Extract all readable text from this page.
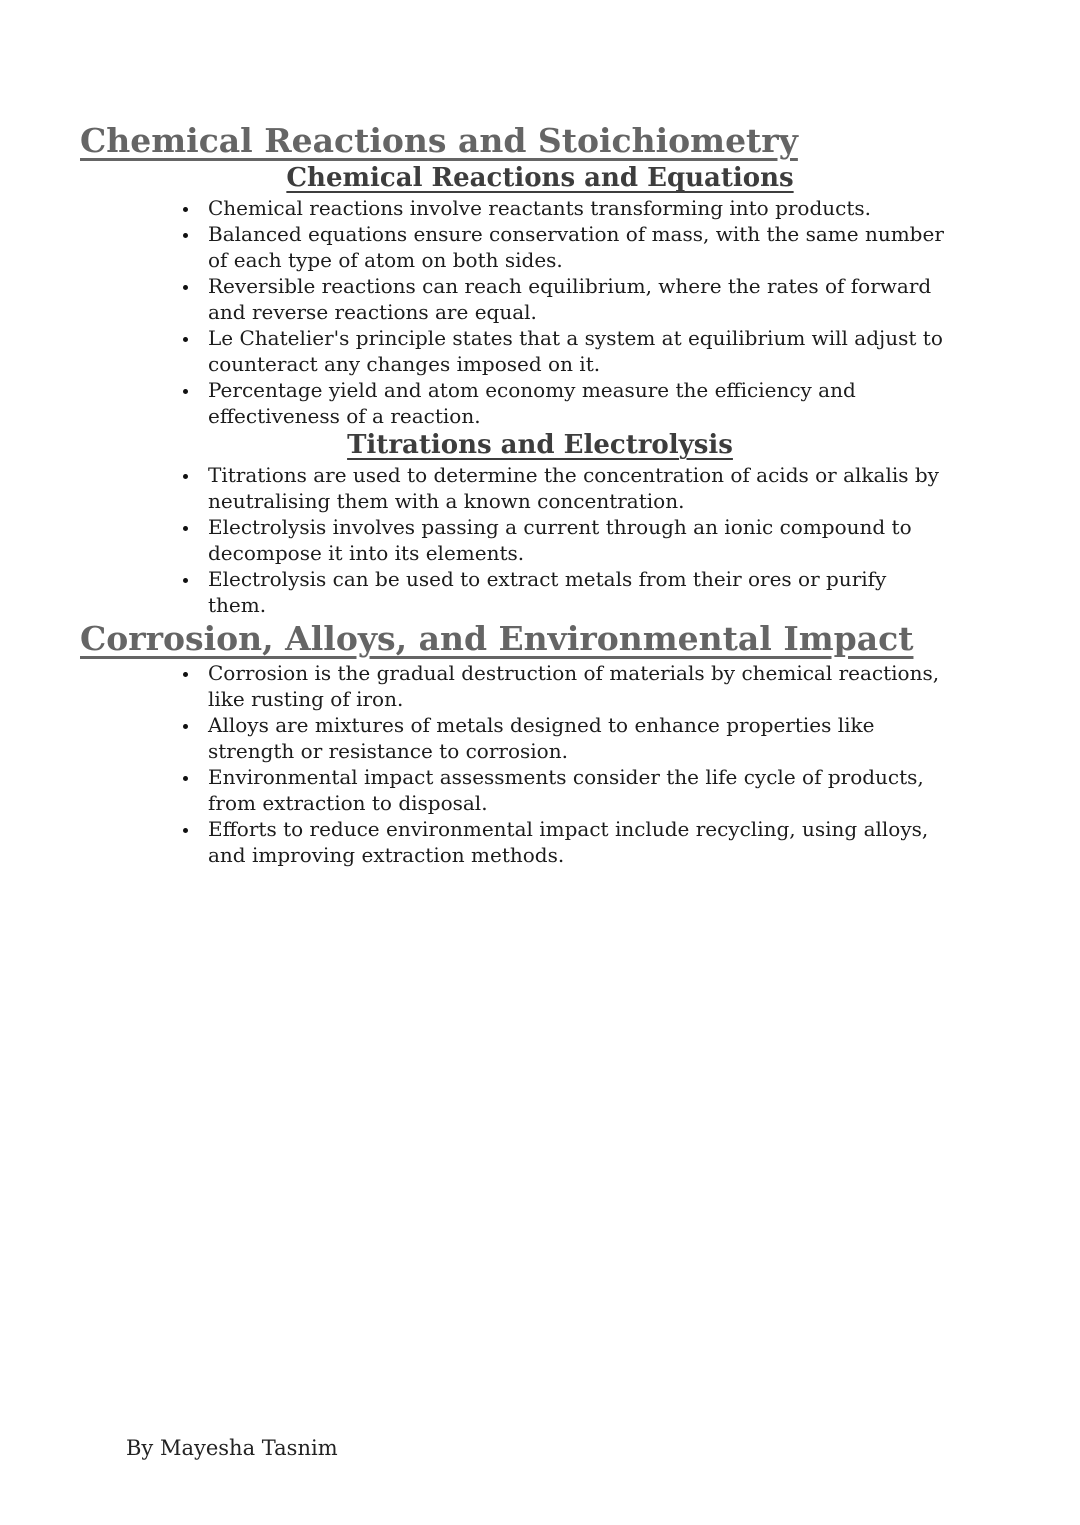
Chemical Reactions and Stoichiometry
Chemical Reactions and Equations
• Chemical reactions involve reactants transforming into products.
• Balanced equations ensure conservation of mass, with the same number of each type of atom on both sides.
• Reversible reactions can reach equilibrium, where the rates of forward and reverse reactions are equal.
• Le Chatelier's principle states that a system at equilibrium will adjust to counteract any changes imposed on it.
• Percentage yield and atom economy measure the efficiency and effectiveness of a reaction.
Titrations and Electrolysis
• Titrations are used to determine the concentration of acids or alkalis by neutralising them with a known concentration.
• Electrolysis involves passing a current through an ionic compound to decompose it into its elements.
• Electrolysis can be used to extract metals from their ores or purify them.
Corrosion, Alloys, and Environmental Impact
• Corrosion is the gradual destruction of materials by chemical reactions, like rusting of iron.
• Alloys are mixtures of metals designed to enhance properties like strength or resistance to corrosion.
• Environmental impact assessments consider the life cycle of products, from extraction to disposal.
• Efforts to reduce environmental impact include recycling, using alloys, and improving extraction methods.
By Mayesha Tasnim
